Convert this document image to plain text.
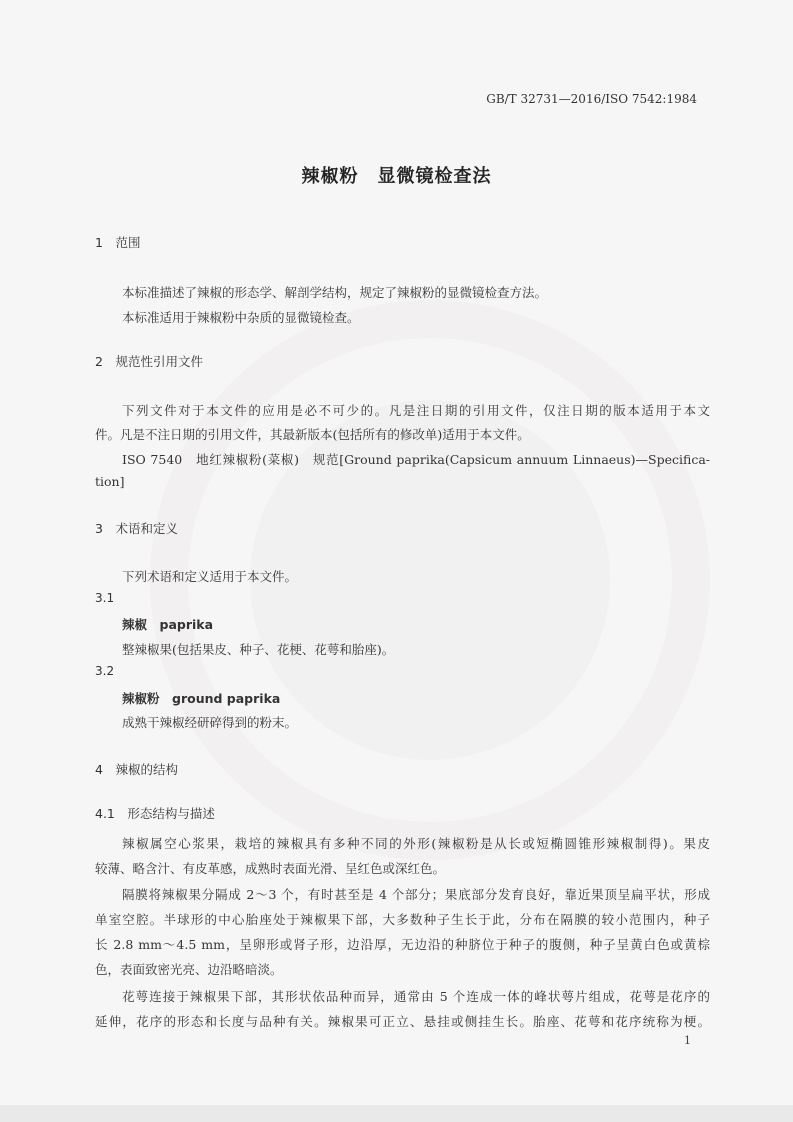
GB/T 32731—2016/ISO 7542:1984
辣椒粉　显微镜检查法
1　范围
本标准描述了辣椒的形态学、解剖学结构，规定了辣椒粉的显微镜检查方法。
本标准适用于辣椒粉中杂质的显微镜检查。
2　规范性引用文件
下列文件对于本文件的应用是必不可少的。凡是注日期的引用文件，仅注日期的版本适用于本文
件。凡是不注日期的引用文件，其最新版本(包括所有的修改单)适用于本文件。
ISO 7540　地红辣椒粉(菜椒)　规范[Ground paprika(Capsicum annuum Linnaeus)—Specifica-
tion]
3　术语和定义
下列术语和定义适用于本文件。
3.1
辣椒　paprika
整辣椒果(包括果皮、种子、花梗、花萼和胎座)。
3.2
辣椒粉　ground paprika
成熟干辣椒经研碎得到的粉末。
4　辣椒的结构
4.1　形态结构与描述
辣椒属空心浆果，栽培的辣椒具有多种不同的外形(辣椒粉是从长或短椭圆锥形辣椒制得)。果皮
较薄、略含汁、有皮革感，成熟时表面光滑、呈红色或深红色。
隔膜将辣椒果分隔成 2～3 个，有时甚至是 4 个部分；果底部分发育良好，靠近果顶呈扁平状，形成
单室空腔。半球形的中心胎座处于辣椒果下部，大多数种子生长于此，分布在隔膜的较小范围内，种子
长 2.8 mm～4.5 mm，呈卵形或肾子形，边沿厚，无边沿的种脐位于种子的腹侧，种子呈黄白色或黄棕
色，表面致密光亮、边沿略暗淡。
花萼连接于辣椒果下部，其形状依品种而异，通常由 5 个连成一体的峰状萼片组成，花萼是花序的
延伸，花序的形态和长度与品种有关。辣椒果可正立、悬挂或侧挂生长。胎座、花萼和花序统称为梗。
1
